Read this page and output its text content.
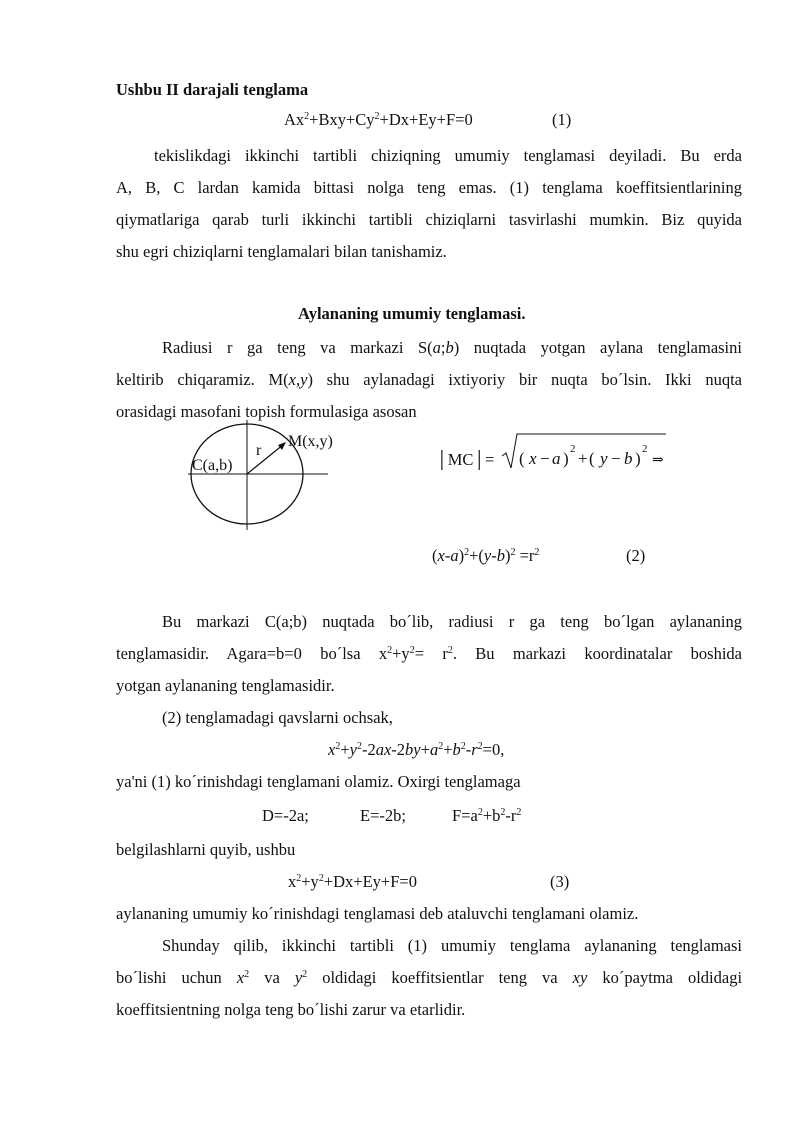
Ushbu II darajali tenglama
$Ax^2+Bxy+Cy^2+Dx+Ey+F=0$	(1)
tekislikdagi ikkinchi tartibli chiziqning umumiy tenglamasi deyiladi. Bu erda
A, B, C lardan kamida bittasi nolga teng emas. (1) tenglama koeffitsientlarining
qiymatlariga qarab turli ikkinchi tartibli chiziqlarni tasvirlashi mumkin. Biz quyida
shu egri chiziqlarni tenglamalari bilan tanishamiz.
Aylananing umumiy tenglamasi.
Radiusi r ga teng va markazi S(a;b) nuqtada yotgan aylana tenglamasini
keltirib chiqaramiz. M(x,y) shu aylanadagi ixtiyoriy bir nuqta bo´lsin. Ikki nuqta
orasidagi masofani topish formulasiga asosan
r
M(x,y)
C(a,b)	│MC│= ( x − a ) 2 + ( y − b ) 2
⇒
$(x-a)^2+(y-b)^2 =r^2$	(2)
Bu markazi C(a;b) nuqtada bo´lib, radiusi r ga teng bo´lgan aylananing
tenglamasidir. Agara=b=0 bo´lsa $x^2+y^2= r^2$. Bu markazi koordinatalar boshida
yotgan aylananing tenglamasidir.
(2) tenglamadagi qavslarni ochsak,
$x^2+y^2-2ax-2by+a^2+b^2-r^2=0$,
ya'ni (1) ko´rinishdagi tenglamani olamiz. Oxirgi tenglamaga
D=-2a;	E=-2b;	$F=a^2+b^2-r^2$
belgilashlarni quyib, ushbu
$x^2+y^2+Dx+Ey+F=0$	(3)
aylananing umumiy ko´rinishdagi tenglamasi deb ataluvchi tenglamani olamiz.
Shunday qilib, ikkinchi tartibli (1) umumiy tenglama aylananing tenglamasi
bo´lishi uchun $x^2$ va $y^2$ oldidagi koeffitsientlar teng va xy ko´paytma oldidagi
koeffitsientning nolga teng bo´lishi zarur va etarlidir.
